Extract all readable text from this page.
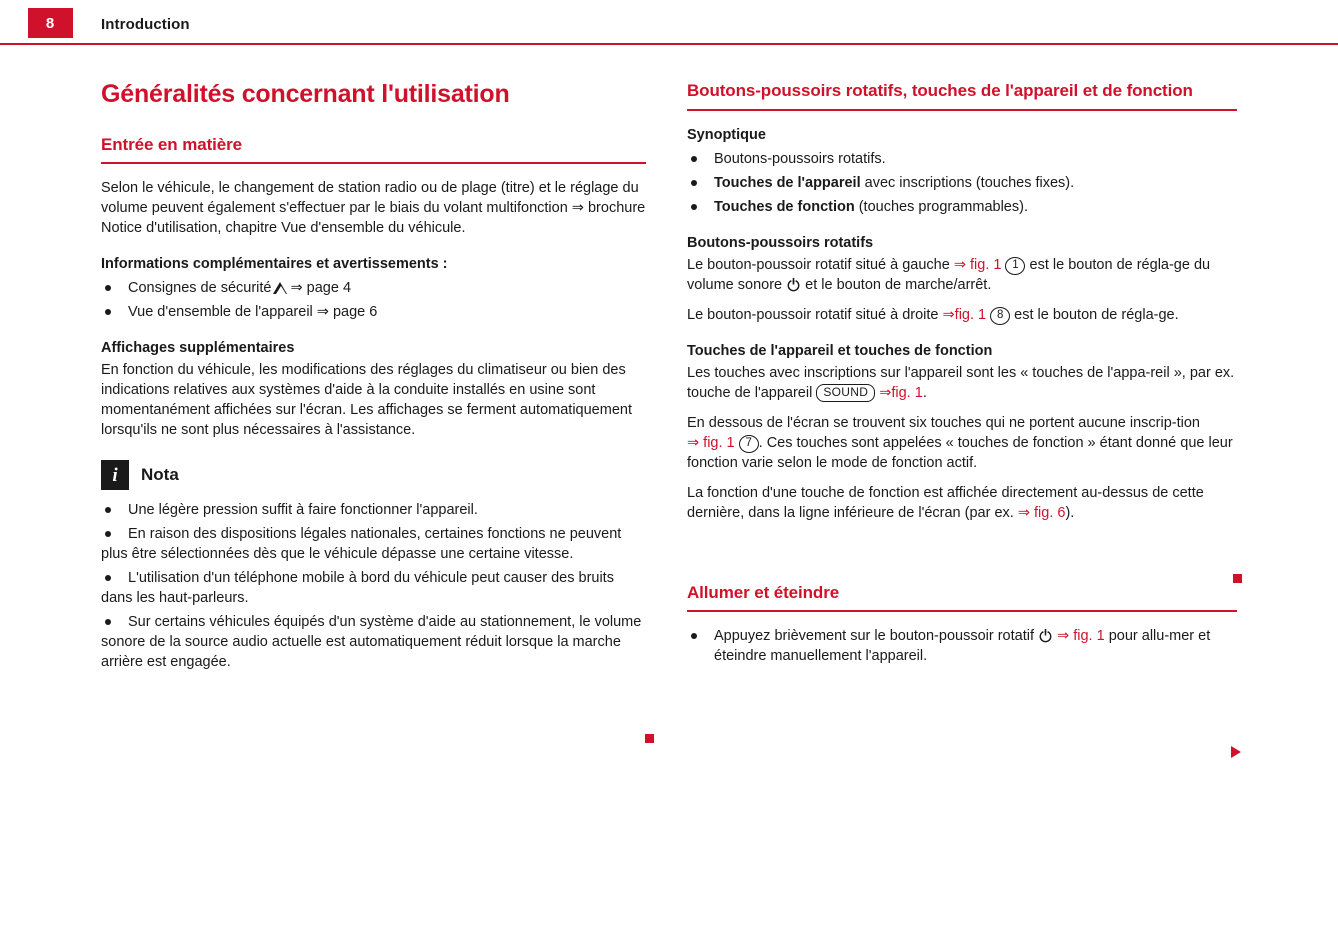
8	Introduction
Généralités concernant l'utilisation
Entrée en matière

Selon le véhicule, le changement de station radio ou de plage (titre) et le réglage du volume peuvent également s'effectuer par le biais du volant multifonction ⇒ brochure Notice d'utilisation, chapitre Vue d'ensemble du véhicule.

Informations complémentaires et avertissements :
Consignes de sécurité ⇒ page 4
Vue d'ensemble de l'appareil ⇒ page 6
Affichages supplémentaires

En fonction du véhicule, les modifications des réglages du climatiseur ou bien des indications relatives aux systèmes d'aide à la conduite installés en usine sont momentanément affichées sur l'écran. Les affichages se ferment automatiquement lorsqu'ils ne sont plus nécessaires à l'assistance.

i	Nota
Une légère pression suffit à faire fonctionner l'appareil.
En raison des dispositions légales nationales, certaines fonctions ne peuvent plus être sélectionnées dès que le véhicule dépasse une certaine vitesse.
L'utilisation d'un téléphone mobile à bord du véhicule peut causer des bruits dans les haut-parleurs.
Sur certains véhicules équipés d'un système d'aide au stationnement, le volume sonore de la source audio actuelle est automatiquement réduit lorsque la marche arrière est engagée.
Boutons-poussoirs rotatifs, touches de l'appareil et de fonction
Synoptique
Boutons-poussoirs rotatifs.
Touches de l'appareil avec inscriptions (touches fixes).
Touches de fonction (touches programmables).
Boutons-poussoirs rotatifs

Le bouton-poussoir rotatif situé à gauche ⇒ fig. 1 1 est le bouton de régla-ge du volume sonore
et le bouton de marche/arrêt.

Le bouton-poussoir rotatif situé à droite ⇒fig. 1 8 est le bouton de régla-ge.

Touches de l'appareil et touches de fonction

Les touches avec inscriptions sur l'appareil sont les « touches de l'appa-reil », par ex. touche de l'appareil SOUND ⇒fig. 1.

En dessous de l'écran se trouvent six touches qui ne portent aucune inscrip-tion ⇒ fig. 1 7 . Ces touches sont appelées « touches de fonction » étant donné que leur fonction varie selon le mode de fonction actif.

La fonction d'une touche de fonction est affichée directement au-dessus de cette dernière, dans la ligne inférieure de l'écran (par ex. ⇒ fig. 6).

Allumer et éteindre
Appuyez brièvement sur le bouton-poussoir rotatif
⇒ fig. 1 pour allu-mer et éteindre manuellement l'appareil.
